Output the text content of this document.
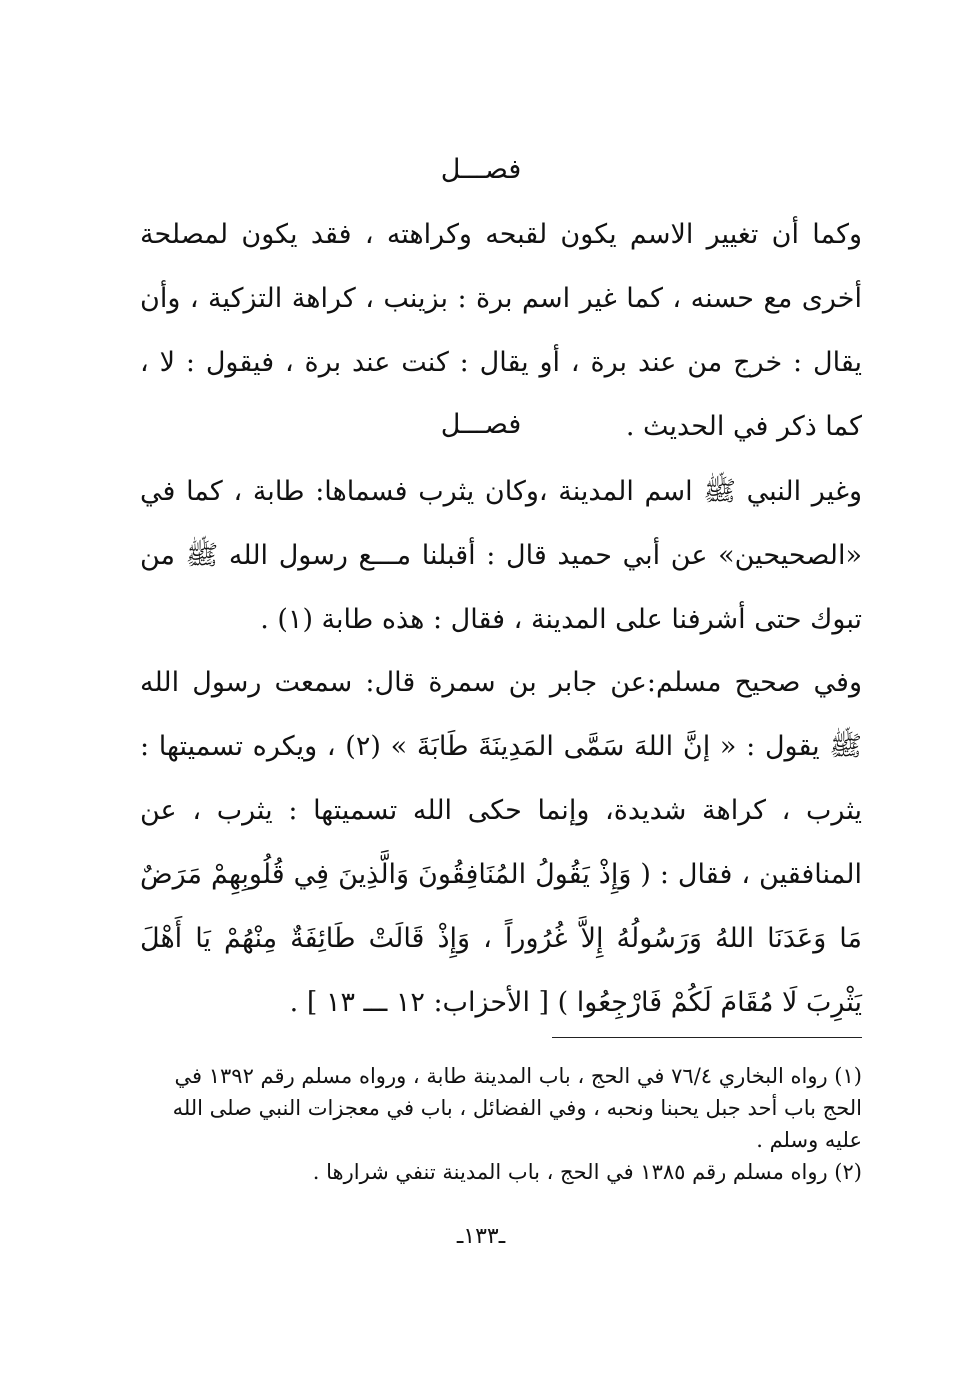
فصـــل
وكما أن تغيير الاسم يكون لقبحه وكراهته ، فقد يكون لمصلحة أخرى مع حسنه ، كما غير اسم برة : بزينب ، كراهة التزكية ، وأن يقال : خرج من عند برة ، أو يقال : كنت عند برة ، فيقول : لا ، كما ذكر في الحديث .
فصـــل
وغير النبي ﷺ اسم المدينة ،وكان يثرب فسماها: طابة ، كما في «الصحيحين» عن أبي حميد قال : أقبلنا مـــع رسول الله ﷺ من تبوك حتى أشرفنا على المدينة ، فقال : هذه طابة (١) .
وفي صحيح مسلم:عن جابر بن سمرة قال: سمعت رسول الله ﷺ يقول : « إنَّ اللهَ سَمَّى المَدِينَةَ طَابَةَ » (٢) ، ويكره تسميتها : يثرب ، كراهة شديدة، وإنما حكى الله تسميتها : يثرب ، عن المنافقين ، فقال : ( وَإِذْ يَقُولُ المُنَافِقُونَ وَالَّذِينَ فِي قُلُوبِهِمْ مَرَضٌ مَا وَعَدَنَا اللهُ وَرَسُولُهُ إِلاَّ غُرُوراً ، وَإِذْ قَالَتْ طَائِفَةٌ مِنْهُمْ يَا أَهْلَ يَثْرِبَ لَا مُقَامَ لَكُمْ فَارْجِعُوا ) [ الأحزاب: ١٢ ـــ ١٣ ] .

(١) رواه البخاري ٧٦/٤ في الحج ، باب المدينة طابة ، ورواه مسلم رقم ١٣٩٢ في الحج باب أحد جبل يحبنا ونحبه ، وفي الفضائل ، باب في معجزات النبي صلى الله عليه وسلم .

(٢) رواه مسلم رقم ١٣٨٥ في الحج ، باب المدينة تنفي شرارها .

ـ١٣٣ـ
